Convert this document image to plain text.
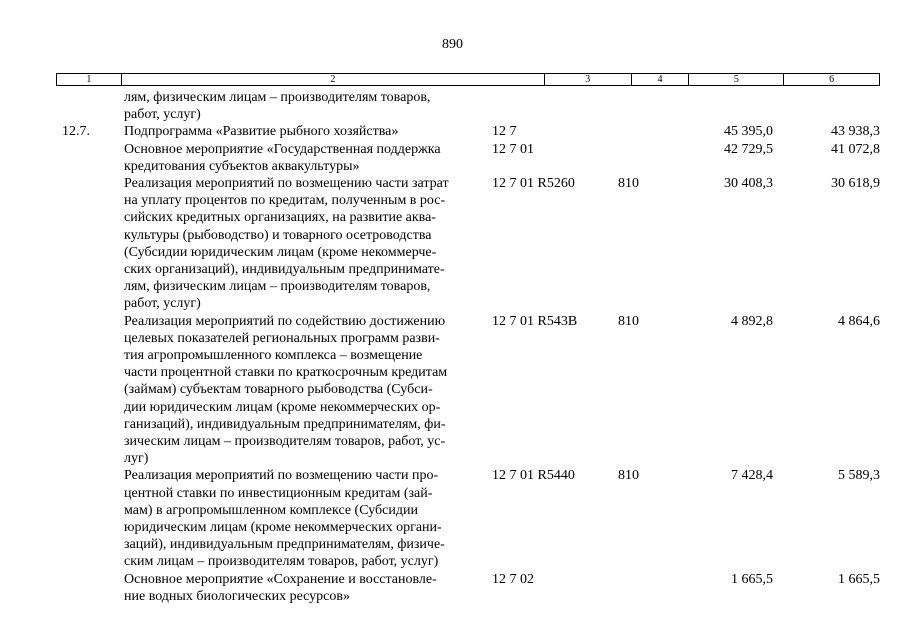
890
1	2	3	4	5	6
лям, физическим лицам – производителям товаров,
работ, услуг)
12.7.	Подпрограмма «Развитие рыбного хозяйства»	12 7	45 395,0	43 938,3
Основное мероприятие «Государственная поддержка
кредитования субъектов аквакультуры»
12 7 01	42 729,5	41 072,8
Реализация мероприятий по возмещению части затрат
на уплату процентов по кредитам, полученным в рос-
сийских кредитных организациях, на развитие аква-
культуры (рыбоводство) и товарного осетроводства
(Субсидии юридическим лицам (кроме некоммерче-
ских организаций), индивидуальным предпринимате-
лям, физическим лицам – производителям товаров,
работ, услуг)
12 7 01 R5260	810	30 408,3	30 618,9
Реализация мероприятий по содействию достижению
целевых показателей региональных программ разви-
тия агропромышленного комплекса – возмещение
части процентной ставки по краткосрочным кредитам
(займам) субъектам товарного рыбоводства (Субси-
дии юридическим лицам (кроме некоммерческих ор-
ганизаций), индивидуальным предпринимателям, фи-
зическим лицам – производителям товаров, работ, ус-
луг)
12 7 01 R543B	810	4 892,8	4 864,6
Реализация мероприятий по возмещению части про-
центной ставки по инвестиционным кредитам (зай-
мам) в агропромышленном комплексе (Субсидии
юридическим лицам (кроме некоммерческих органи-
заций), индивидуальным предпринимателям, физиче-
ским лицам – производителям товаров, работ, услуг)
12 7 01 R5440	810	7 428,4	5 589,3
Основное мероприятие «Сохранение и восстановле-
ние водных биологических ресурсов»
12 7 02	1 665,5	1 665,5
